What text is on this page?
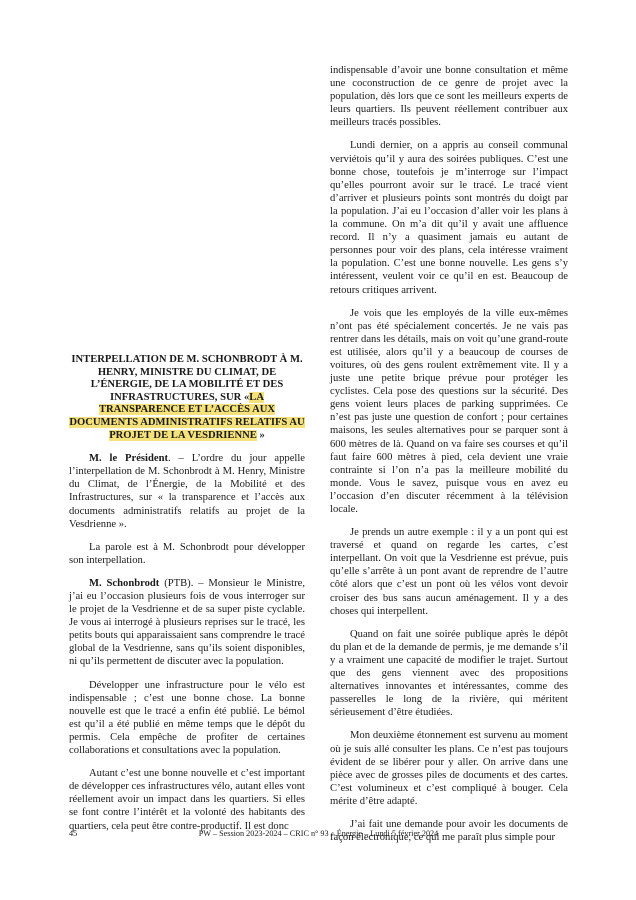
indispensable d’avoir une bonne consultation et même une coconstruction de ce genre de projet avec la population, dès lors que ce sont les meilleurs experts de leurs quartiers. Ils peuvent réellement contribuer aux meilleurs tracés possibles.

Lundi dernier, on a appris au conseil communal verviétois qu’il y aura des soirées publiques. C’est une bonne chose, toutefois je m’interroge sur l’impact qu’elles pourront avoir sur le tracé. Le tracé vient d’arriver et plusieurs points sont montrés du doigt par la population. J’ai eu l’occasion d’aller voir les plans à la commune. On m’a dit qu’il y avait une affluence record. Il n’y a quasiment jamais eu autant de personnes pour voir des plans, cela intéresse vraiment la population. C’est une bonne nouvelle. Les gens s’y intéressent, veulent voir ce qu’il en est. Beaucoup de retours critiques arrivent.

Je vois que les employés de la ville eux-mêmes n’ont pas été spécialement concertés. Je ne vais pas rentrer dans les détails, mais on voit qu’une grand-route est utilisée, alors qu’il y a beaucoup de courses de voitures, où des gens roulent extrêmement vite. Il y a juste une petite brique prévue pour protéger les cyclistes. Cela pose des questions sur la sécurité. Des gens voient leurs places de parking supprimées. Ce n’est pas juste une question de confort ; pour certaines maisons, les seules alternatives pour se parquer sont à 600 mètres de là. Quand on va faire ses courses et qu’il faut faire 600 mètres à pied, cela devient une vraie contrainte si l’on n’a pas la meilleure mobilité du monde. Vous le savez, puisque vous en avez eu l’occasion d’en discuter récemment à la télévision locale.

Je prends un autre exemple : il y a un pont qui est traversé et quand on regarde les cartes, c’est interpellant. On voit que la Vesdrienne est prévue, puis qu’elle s’arrête à un pont avant de reprendre de l’autre côté alors que c’est un pont où les vélos vont devoir croiser des bus sans aucun aménagement. Il y a des choses qui interpellent.

Quand on fait une soirée publique après le dépôt du plan et de la demande de permis, je me demande s’il y a vraiment une capacité de modifier le trajet. Surtout que des gens viennent avec des propositions alternatives innovantes et intéressantes, comme des passerelles le long de la rivière, qui méritent sérieusement d’être étudiées.

Mon deuxième étonnement est survenu au moment où je suis allé consulter les plans. Ce n’est pas toujours évident de se libérer pour y aller. On arrive dans une pièce avec de grosses piles de documents et des cartes. C’est volumineux et c’est compliqué à bouger. Cela mérite d’être adapté.

J’ai fait une demande pour avoir les documents de façon électronique, ce qui me paraît plus simple pour

INTERPELLATION DE M. SCHONBRODT À M. HENRY, MINISTRE DU CLIMAT, DE L’ÉNERGIE, DE LA MOBILITÉ ET DES INFRASTRUCTURES, SUR «LA TRANSPARENCE ET L’ACCÈS AUX DOCUMENTS ADMINISTRATIFS RELATIFS AU PROJET DE LA VESDRIENNE »

M. le Président. – L’ordre du jour appelle l’interpellation de M. Schonbrodt à M. Henry, Ministre du Climat, de l’Énergie, de la Mobilité et des Infrastructures, sur « la transparence et l’accès aux documents administratifs relatifs au projet de la Vesdrienne ».

La parole est à M. Schonbrodt pour développer son interpellation.

M. Schonbrodt (PTB). – Monsieur le Ministre, j’ai eu l’occasion plusieurs fois de vous interroger sur le projet de la Vesdrienne et de sa super piste cyclable. Je vous ai interrogé à plusieurs reprises sur le tracé, les petits bouts qui apparaissaient sans comprendre le tracé global de la Vesdrienne, sans qu’ils soient disponibles, ni qu’ils permettent de discuter avec la population.

Développer une infrastructure pour le vélo est indispensable ; c’est une bonne chose. La bonne nouvelle est que le tracé a enfin été publié. Le bémol est qu’il a été publié en même temps que le dépôt du permis. Cela empêche de profiter de certaines collaborations et consultations avec la population.

Autant c’est une bonne nouvelle et c’est important de développer ces infrastructures vélo, autant elles vont réellement avoir un impact dans les quartiers. Si elles se font contre l’intérêt et la volonté des habitants des quartiers, cela peut être contre-productif. Il est donc

45	PW – Session 2023-2024 – CRIC n° 93 – Énergie – Lundi 5 février 2024
